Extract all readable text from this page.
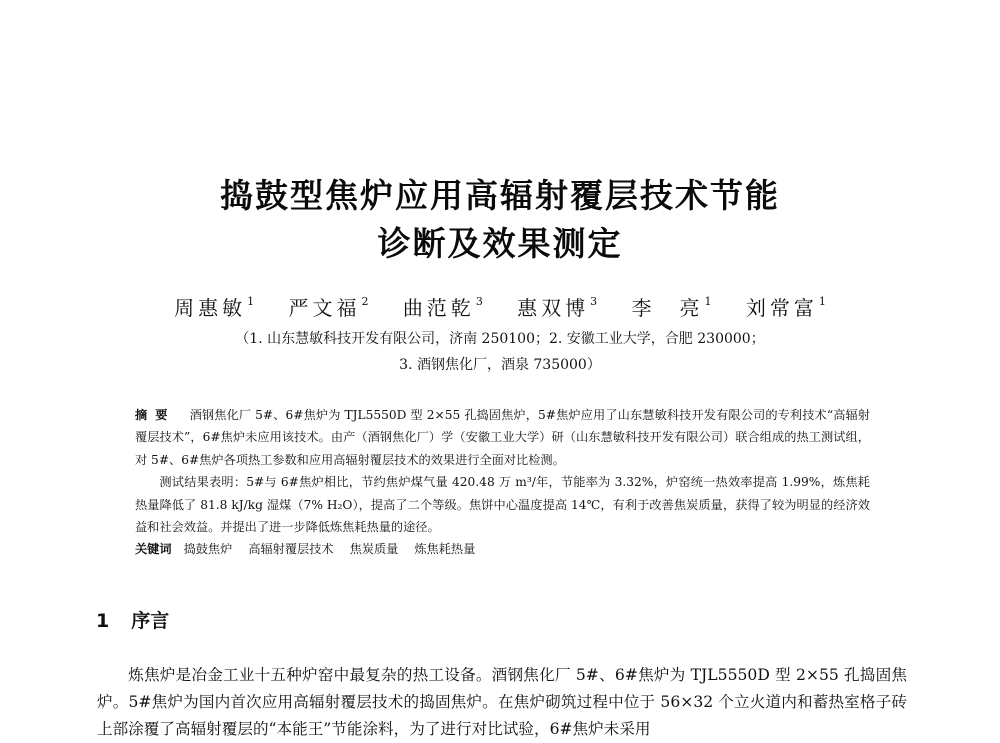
捣鼓型焦炉应用高辐射覆层技术节能
诊断及效果测定
周惠敏$^1$ 严文福$^2$ 曲范乾$^3$ 惠双博$^3$ 李　亮$^1$ 刘常富$^1$
（1. 山东慧敏科技开发有限公司，济南 250100；2. 安徽工业大学，合肥 230000；
3. 酒钢焦化厂，酒泉 735000）

摘要 酒钢焦化厂 5#、6#焦炉为 TJL5550D 型 2×55 孔捣固焦炉，5#焦炉应用了山东慧敏科技开发有限公司的专利技术“高辐射覆层技术”，6#焦炉未应用该技术。由产（酒钢焦化厂）学（安徽工业大学）研（山东慧敏科技开发有限公司）联合组成的热工测试组，对 5#、6#焦炉各项热工参数和应用高辐射覆层技术的效果进行全面对比检测。

测试结果表明：5#与 6#焦炉相比，节约焦炉煤气量 420.48 万 m³/年，节能率为 3.32%，炉窑统一热效率提高 1.99%，炼焦耗热量降低了 81.8 kJ/kg 湿煤（7% H₂O），提高了二个等级。焦饼中心温度提高 14℃，有利于改善焦炭质量，获得了较为明显的经济效益和社会效益。并提出了进一步降低炼焦耗热量的途径。

关键词 捣鼓焦炉 高辐射覆层技术 焦炭质量 炼焦耗热量

1 序言

炼焦炉是冶金工业十五种炉窑中最复杂的热工设备。酒钢焦化厂 5#、6#焦炉为 TJL5550D 型 2×55 孔捣固焦炉。5#焦炉为国内首次应用高辐射覆层技术的捣固焦炉。在焦炉砌筑过程中位于 56×32 个立火道内和蓄热室格子砖上部涂覆了高辐射覆层的“本能王”节能涂料，为了进行对比试验，6#焦炉未采用
